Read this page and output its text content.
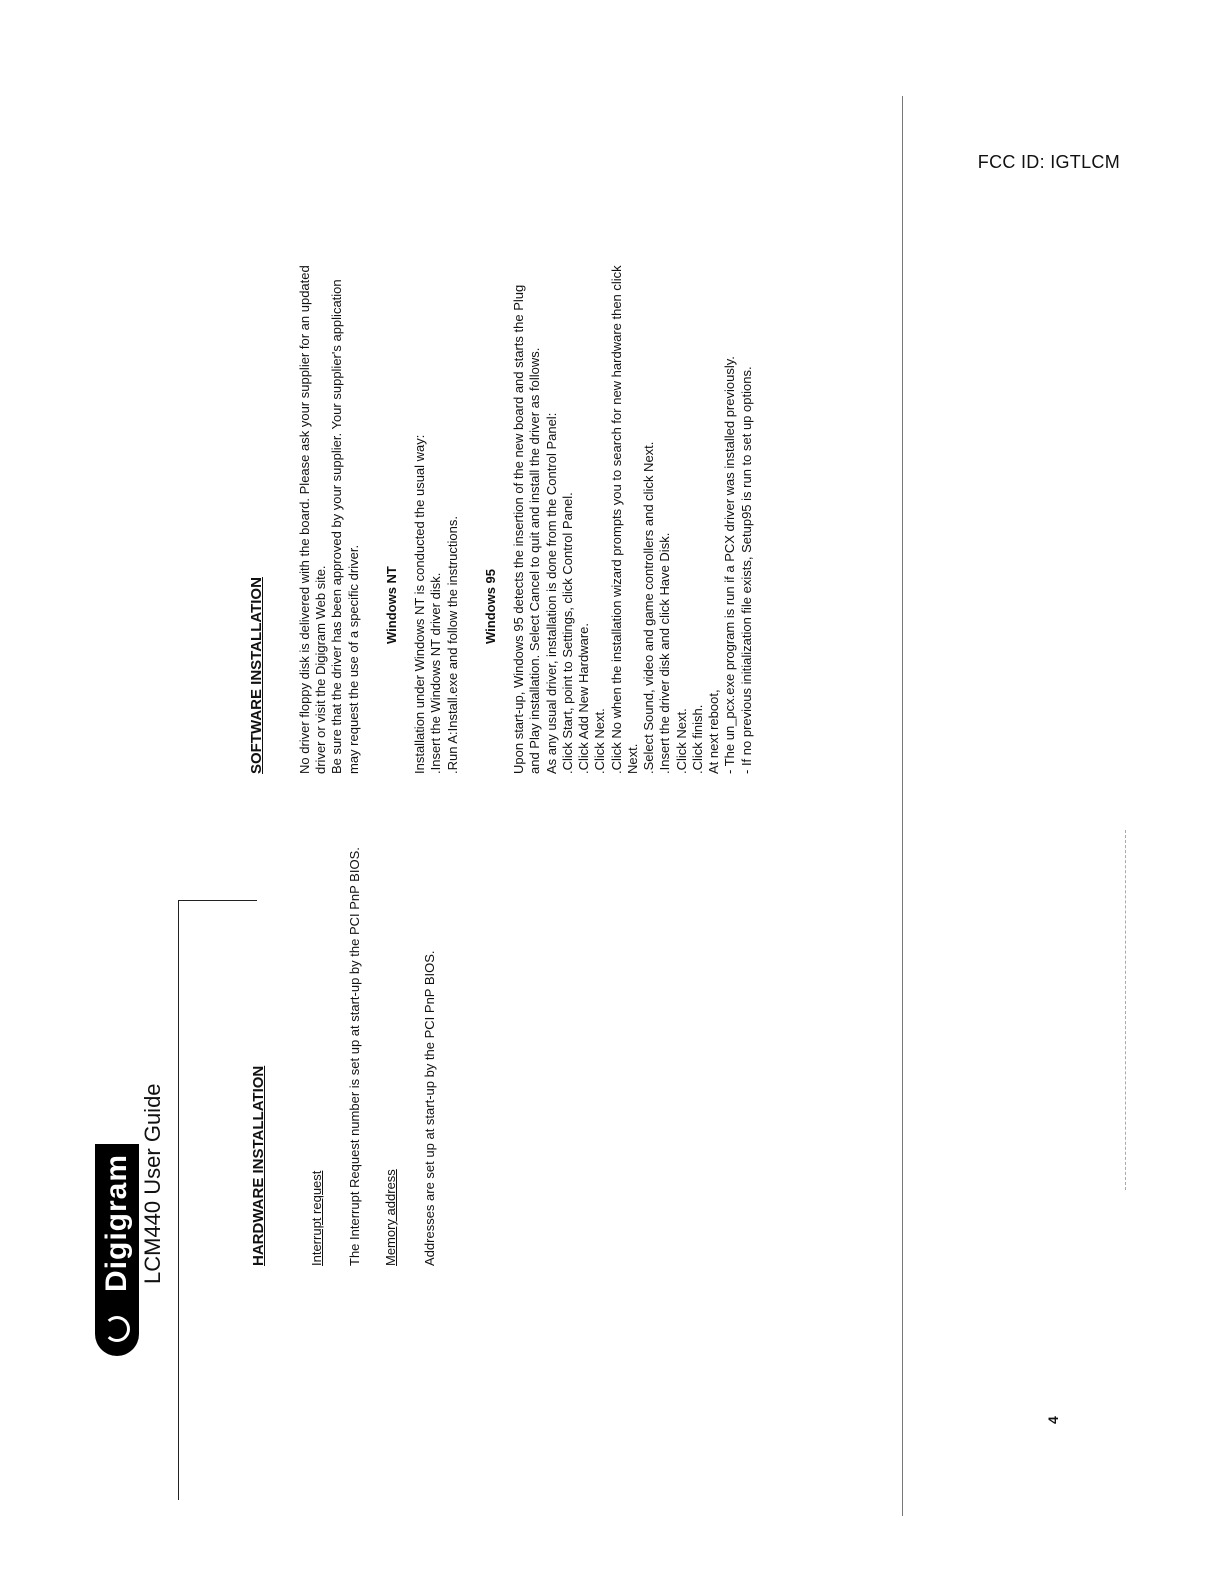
FCC ID: IGTLCM
4
Digigram LCM440 User Guide	HARDWARE INSTALLATION	Interrupt request The Interrupt Request number is set up at start-up by the PCI PnP BIOS. Memory address Addresses are set up at start-up by the PCI PnP BIOS.
SOFTWARE INSTALLATION No driver floppy disk is delivered with the board. Please ask your supplier for an updated driver or visit the Digigram Web site. Be sure that the driver has been approved by your supplier. Your supplier's application may request the use of a specific driver. Windows NT Installation under Windows NT is conducted the usual way: .Insert the Windows NT driver disk. .Run A:Install.exe and follow the instructions. Windows 95 Upon start-up, Windows 95 detects the insertion of the new board and starts the Plug and Play installation. Select Cancel to quit and install the driver as follows. As any usual driver, installation is done from the Control Panel: .Click Start, point to Settings, click Control Panel. .Click Add New Hardware. .Click Next. .Click No when the installation wizard prompts you to search for new hardware then click Next. .Select Sound, video and game controllers and click Next. .Insert the driver disk and click Have Disk. .Click Next. .Click finish. At next reboot, - The un_pcx.exe program is run if a PCX driver was installed previously. - If no previous initialization file exists, Setup95 is run to set up options.
